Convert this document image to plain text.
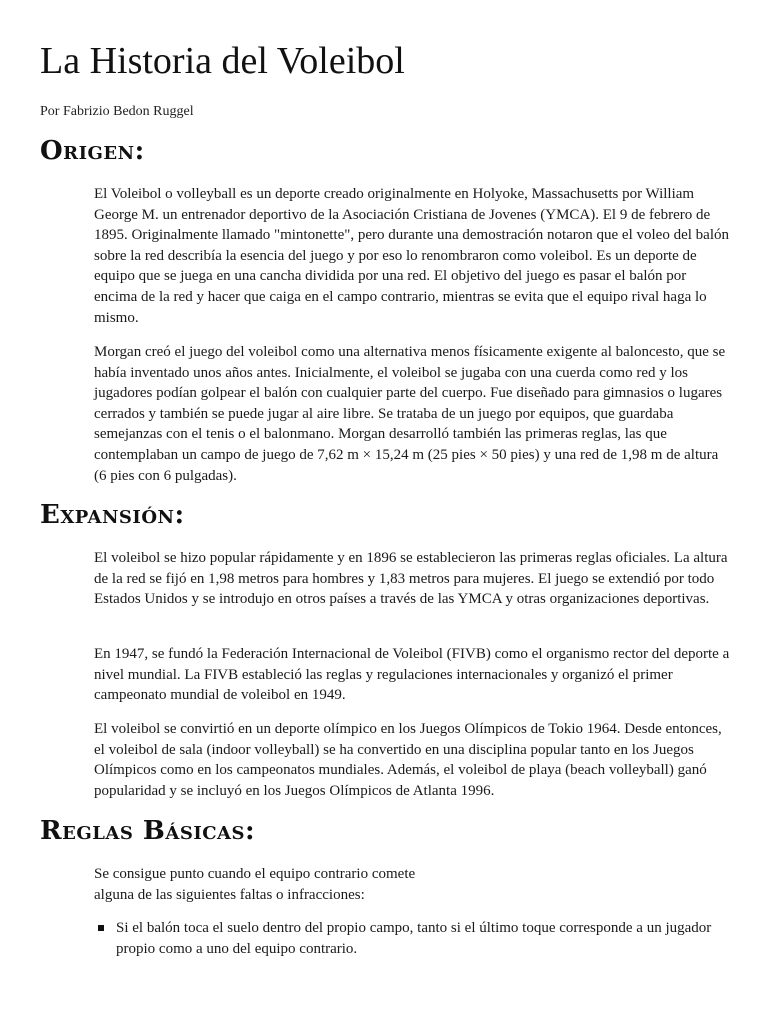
La Historia del Voleibol

Por Fabrizio Bedon Ruggel

Origen:

El Voleibol o volleyball es un deporte creado originalmente en Holyoke, Massachusetts por William George M. un entrenador deportivo de la Asociación Cristiana de Jovenes (YMCA). El 9 de febrero de 1895. Originalmente llamado "mintonette", pero durante una demostración notaron que el voleo del balón sobre la red describía la esencia del juego y por eso lo renombraron como voleibol. Es un deporte de equipo que se juega en una cancha dividida por una red. El objetivo del juego es pasar el balón por encima de la red y hacer que caiga en el campo contrario, mientras se evita que el equipo rival haga lo mismo.

Morgan creó el juego del voleibol como una alternativa menos físicamente exigente al baloncesto, que se había inventado unos años antes. Inicialmente, el voleibol se jugaba con una cuerda como red y los jugadores podían golpear el balón con cualquier parte del cuerpo. Fue diseñado para gimnasios o lugares cerrados y también se puede jugar al aire libre. Se trataba de un juego por equipos, que guardaba semejanzas con el tenis o el balonmano. Morgan desarrolló también las primeras reglas, las que contemplaban un campo de juego de 7,62 m × 15,24 m (25 pies × 50 pies) y una red de 1,98 m de altura (6 pies con 6 pulgadas).

Expansión:

El voleibol se hizo popular rápidamente y en 1896 se establecieron las primeras reglas oficiales. La altura de la red se fijó en 1,98 metros para hombres y 1,83 metros para mujeres. El juego se extendió por todo Estados Unidos y se introdujo en otros países a través de las YMCA y otras organizaciones deportivas.

En 1947, se fundó la Federación Internacional de Voleibol (FIVB) como el organismo rector del deporte a nivel mundial. La FIVB estableció las reglas y regulaciones internacionales y organizó el primer campeonato mundial de voleibol en 1949.

El voleibol se convirtió en un deporte olímpico en los Juegos Olímpicos de Tokio 1964. Desde entonces, el voleibol de sala (indoor volleyball) se ha convertido en una disciplina popular tanto en los Juegos Olímpicos como en los campeonatos mundiales. Además, el voleibol de playa (beach volleyball) ganó popularidad y se incluyó en los Juegos Olímpicos de Atlanta 1996.

Reglas Básicas:

Se consigue punto cuando el equipo contrario comete
alguna de las siguientes faltas o infracciones:

Si el balón toca el suelo dentro del propio campo, tanto si el último toque corresponde a un jugador propio como a uno del equipo contrario.
